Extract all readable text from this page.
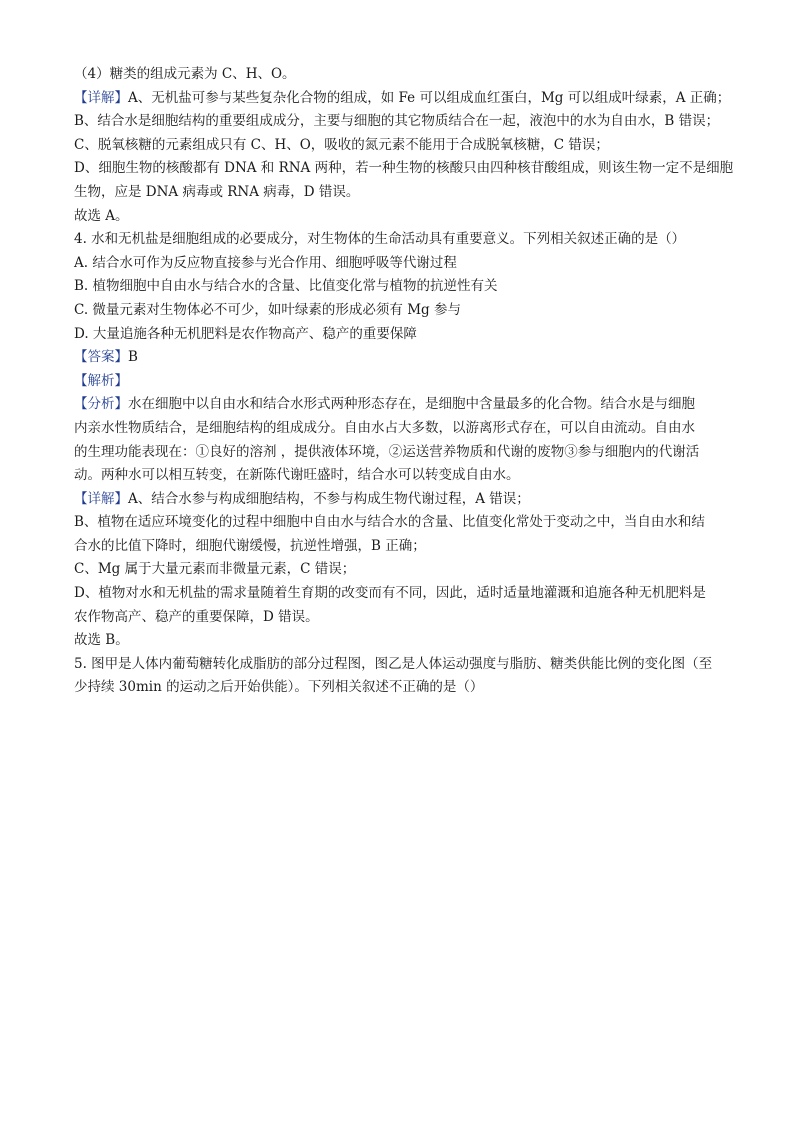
（4）糖类的组成元素为 C、H、O。
【详解】A、无机盐可参与某些复杂化合物的组成，如 Fe 可以组成血红蛋白，Mg 可以组成叶绿素，A 正确；
B、结合水是细胞结构的重要组成成分，主要与细胞的其它物质结合在一起，液泡中的水为自由水，B 错误；
C、脱氧核糖的元素组成只有 C、H、O，吸收的氮元素不能用于合成脱氧核糖，C 错误；
D、细胞生物的核酸都有 DNA 和 RNA 两种，若一种生物的核酸只由四种核苷酸组成，则该生物一定不是细胞
生物，应是 DNA 病毒或 RNA 病毒，D 错误。
故选 A。
4. 水和无机盐是细胞组成的必要成分，对生物体的生命活动具有重要意义。下列相关叙述正确的是（）
A. 结合水可作为反应物直接参与光合作用、细胞呼吸等代谢过程
B. 植物细胞中自由水与结合水的含量、比值变化常与植物的抗逆性有关
C. 微量元素对生物体必不可少，如叶绿素的形成必须有 Mg 参与
D. 大量追施各种无机肥料是农作物高产、稳产的重要保障
【答案】B
【解析】
【分析】水在细胞中以自由水和结合水形式两种形态存在，是细胞中含量最多的化合物。结合水是与细胞
内亲水性物质结合，是细胞结构的组成成分。自由水占大多数，以游离形式存在，可以自由流动。自由水
的生理功能表现在：①良好的溶剂 ，提供液体环境，②运送营养物质和代谢的废物③参与细胞内的代谢活
动。两种水可以相互转变，在新陈代谢旺盛时，结合水可以转变成自由水。
【详解】A、结合水参与构成细胞结构，不参与构成生物代谢过程，A 错误；
B、植物在适应环境变化的过程中细胞中自由水与结合水的含量、比值变化常处于变动之中，当自由水和结
合水的比值下降时，细胞代谢缓慢，抗逆性增强，B 正确；
C、Mg 属于大量元素而非微量元素，C 错误；
D、植物对水和无机盐的需求量随着生育期的改变而有不同，因此，适时适量地灌溉和追施各种无机肥料是
农作物高产、稳产的重要保障，D 错误。
故选 B。
5. 图甲是人体内葡萄糖转化成脂肪的部分过程图，图乙是人体运动强度与脂肪、糖类供能比例的变化图（至
少持续 30min 的运动之后开始供能）。下列相关叙述不正确的是（）
